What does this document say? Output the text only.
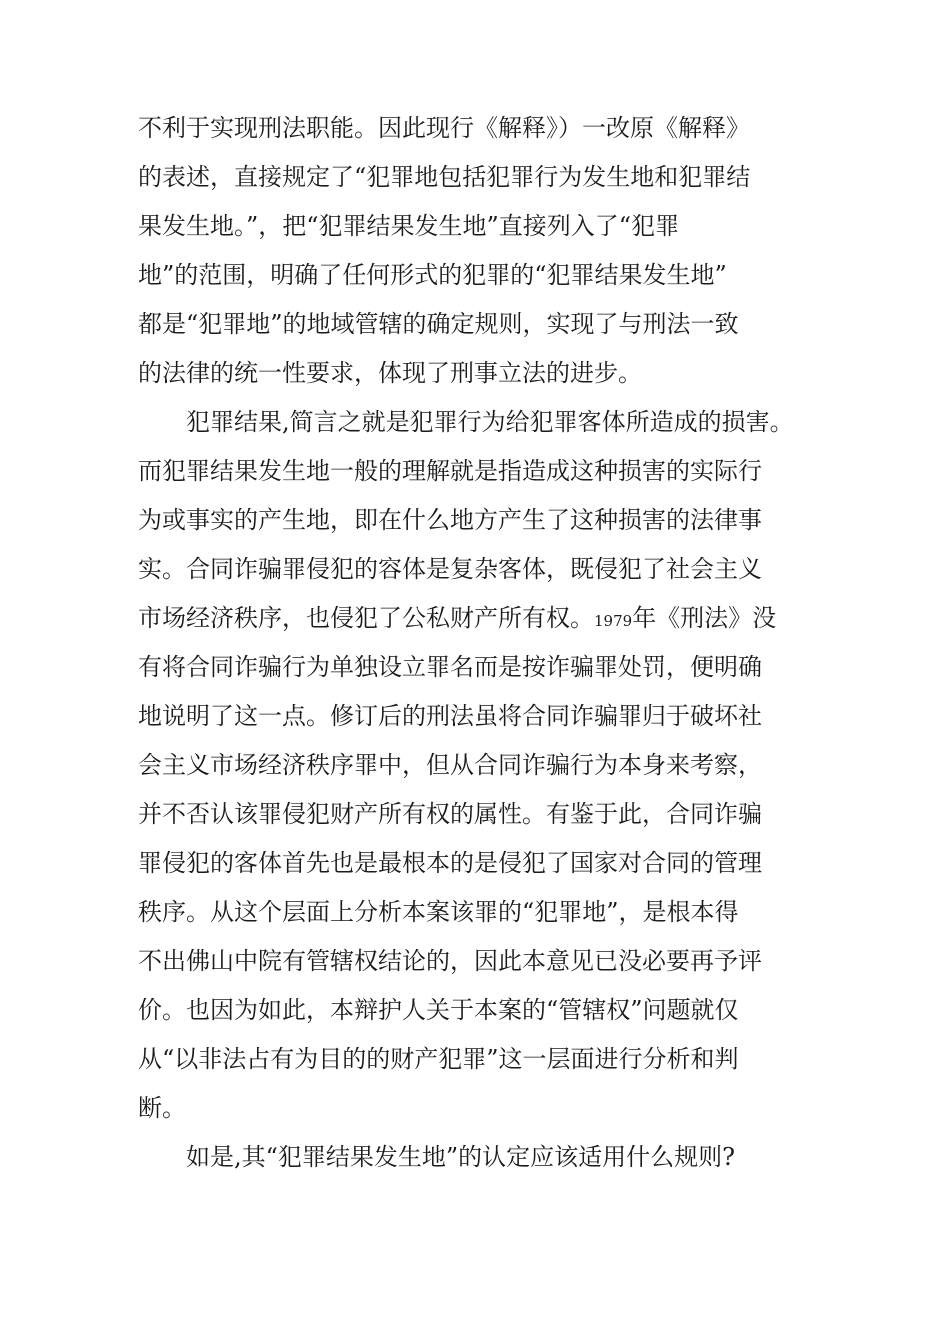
不利于实现刑法职能。因此现行《解释》）一改原《解释》

的表述，直接规定了“犯罪地包括犯罪行为发生地和犯罪结

果发生地。”，把“犯罪结果发生地”直接列入了“犯罪

地”的范围，明确了任何形式的犯罪的“犯罪结果发生地”

都是“犯罪地”的地域管辖的确定规则，实现了与刑法一致

的法律的统一性要求，体现了刑事立法的进步。

　　犯罪结果,简言之就是犯罪行为给犯罪客体所造成的损害。

而犯罪结果发生地一般的理解就是指造成这种损害的实际行

为或事实的产生地，即在什么地方产生了这种损害的法律事

实。合同诈骗罪侵犯的容体是复杂客体，既侵犯了社会主义

市场经济秩序，也侵犯了公私财产所有权。1979年《刑法》没

有将合同诈骗行为单独设立罪名而是按诈骗罪处罚，便明确

地说明了这一点。修订后的刑法虽将合同诈骗罪归于破坏社

会主义市场经济秩序罪中，但从合同诈骗行为本身来考察，

并不否认该罪侵犯财产所有权的属性。有鉴于此，合同诈骗

罪侵犯的客体首先也是最根本的是侵犯了国家对合同的管理

秩序。从这个层面上分析本案该罪的“犯罪地”，是根本得

不出佛山中院有管辖权结论的，因此本意见已没必要再予评

价。也因为如此，本辩护人关于本案的“管辖权”问题就仅

从“以非法占有为目的的财产犯罪”这一层面进行分析和判

断。

　　如是,其“犯罪结果发生地”的认定应该适用什么规则?
